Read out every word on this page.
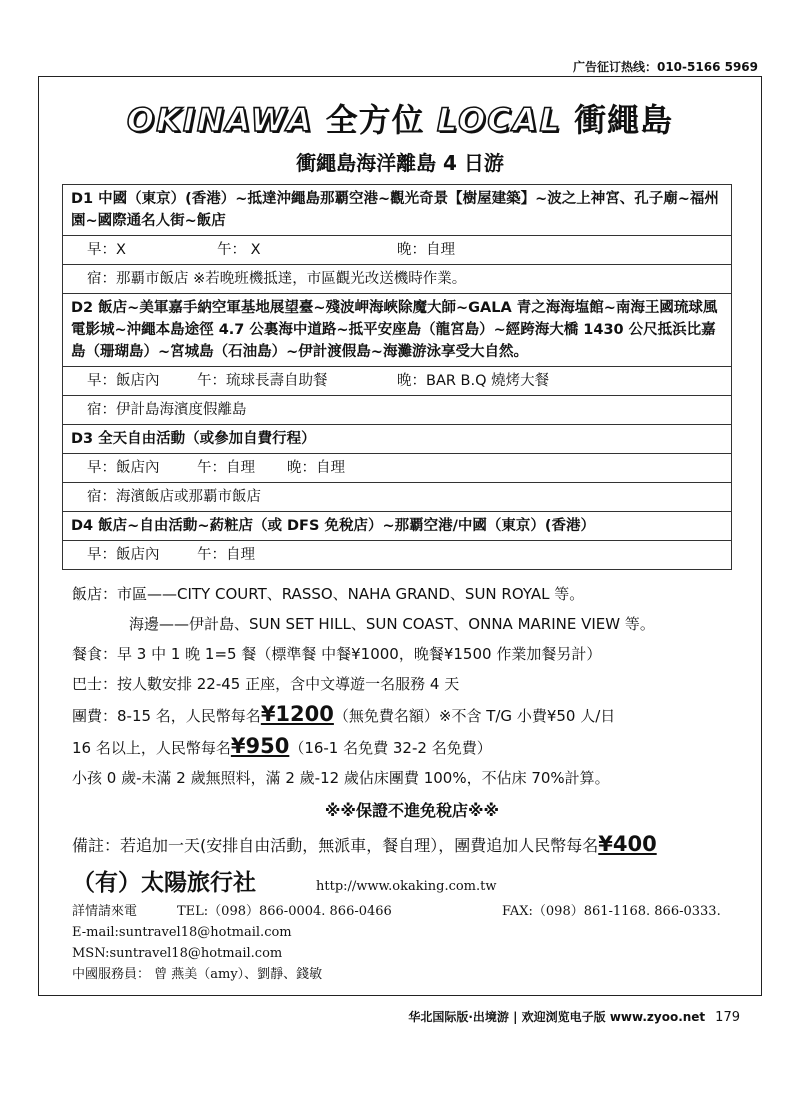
广告征订热线：010-5166 5969
OKINAWA 全方位 LOCAL 衝繩島
衝繩島海洋離島 4 日游
D1 中國（東京）(香港）~抵達沖繩島那覇空港~觀光奇景【樹屋建築】~波之上神宮、孔子廟~福州園~國際通名人街~飯店
早：X	午： X	晚：自理
宿：那覇市飯店 ※若晚班機抵達，市區觀光改送機時作業。
D2 飯店~美軍嘉手納空軍基地展望臺~殘波岬海峽除魔大師~GALA 青之海海塩館~南海王國琉球風電影城~沖繩本島途徑 4.7 公裏海中道路~抵平安座島（龍宮島）~經跨海大橋 1430 公尺抵浜比嘉島（珊瑚島）~宮城島（石油島）~伊計渡假島~海灘游泳享受大自然。
早：飯店內	午：琉球長壽自助餐	晚：BAR B.Q 燒烤大餐
宿：伊計島海濱度假離島
D3 全天自由活動（或參加自費行程）
早：飯店內	午：自理 晚：自理
宿：海濱飯店或那覇市飯店
D4 飯店~自由活動~葯粧店（或 DFS 免稅店）~那覇空港/中國（東京）(香港）
早：飯店內	午：自理

飯店：市區——CITY COURT、RASSO、NAHA GRAND、SUN ROYAL 等。

海邊——伊計島、SUN SET HILL、SUN COAST、ONNA MARINE VIEW 等。

餐食：早 3 中 1 晚 1=5 餐（標準餐 中餐¥1000，晚餐¥1500 作業加餐另計）

巴士：按人數安排 22-45 正座，含中文導遊一名服務 4 天

團費：8-15 名，人民幣每名¥1200（無免費名額）※不含 T/G 小費¥50 人/日

16 名以上，人民幣每名¥950（16-1 名免費 32-2 名免費）

小孩 0 歲-未滿 2 歲無照料，滿 2 歲-12 歲佔床團費 100%，不佔床 70%計算。

※※保證不進免稅店※※

備註：若追加一天(安排自由活動，無派車，餐自理），團費追加人民幣每名¥400

（有）太陽旅行社	http://www.okaking.com.tw
詳情請來電	TEL:（098）866-0004. 866-0466	FAX:（098）861-1168. 866-0333.
E-mail:suntravel18@hotmail.com
MSN:suntravel18@hotmail.com
中國服務員： 曾 燕美（amy）、劉靜、錢敏
华北国际版·出境游 | 欢迎浏览电子版 www.zyoo.net 179
